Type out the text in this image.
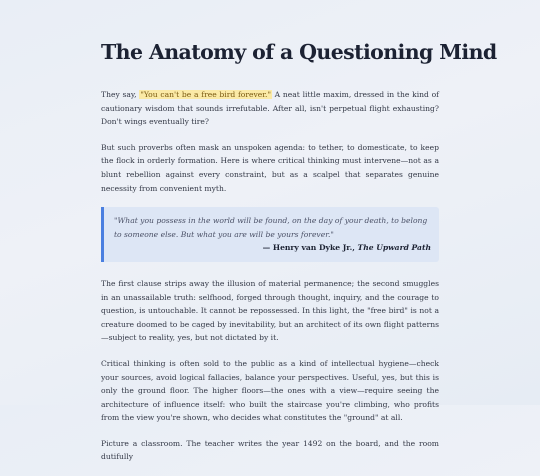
The Anatomy of a Questioning Mind

They say, "You can't be a free bird forever." A neat little maxim, dressed in the kind of cautionary wisdom that sounds irrefutable. After all, isn't perpetual flight exhausting? Don't wings eventually tire?

But such proverbs often mask an unspoken agenda: to tether, to domesticate, to keep the flock in orderly formation. Here is where critical thinking must intervene—not as a blunt rebellion against every constraint, but as a scalpel that separates genuine necessity from convenient myth.

"What you possess in the world will be found, on the day of your death, to belong to someone else. But what you are will be yours forever."

— Henry van Dyke Jr., The Upward Path

The first clause strips away the illusion of material permanence; the second smuggles in an unassailable truth: selfhood, forged through thought, inquiry, and the courage to question, is untouchable. It cannot be repossessed. In this light, the "free bird" is not a creature doomed to be caged by inevitability, but an architect of its own flight patterns—subject to reality, yes, but not dictated by it.

Critical thinking is often sold to the public as a kind of intellectual hygiene—check your sources, avoid logical fallacies, balance your perspectives. Useful, yes, but this is only the ground floor. The higher floors—the ones with a view—require seeing the architecture of influence itself: who built the staircase you're climbing, who profits from the view you're shown, who decides what constitutes the "ground" at all.

Picture a classroom. The teacher writes the year 1492 on the board, and the room dutifully
